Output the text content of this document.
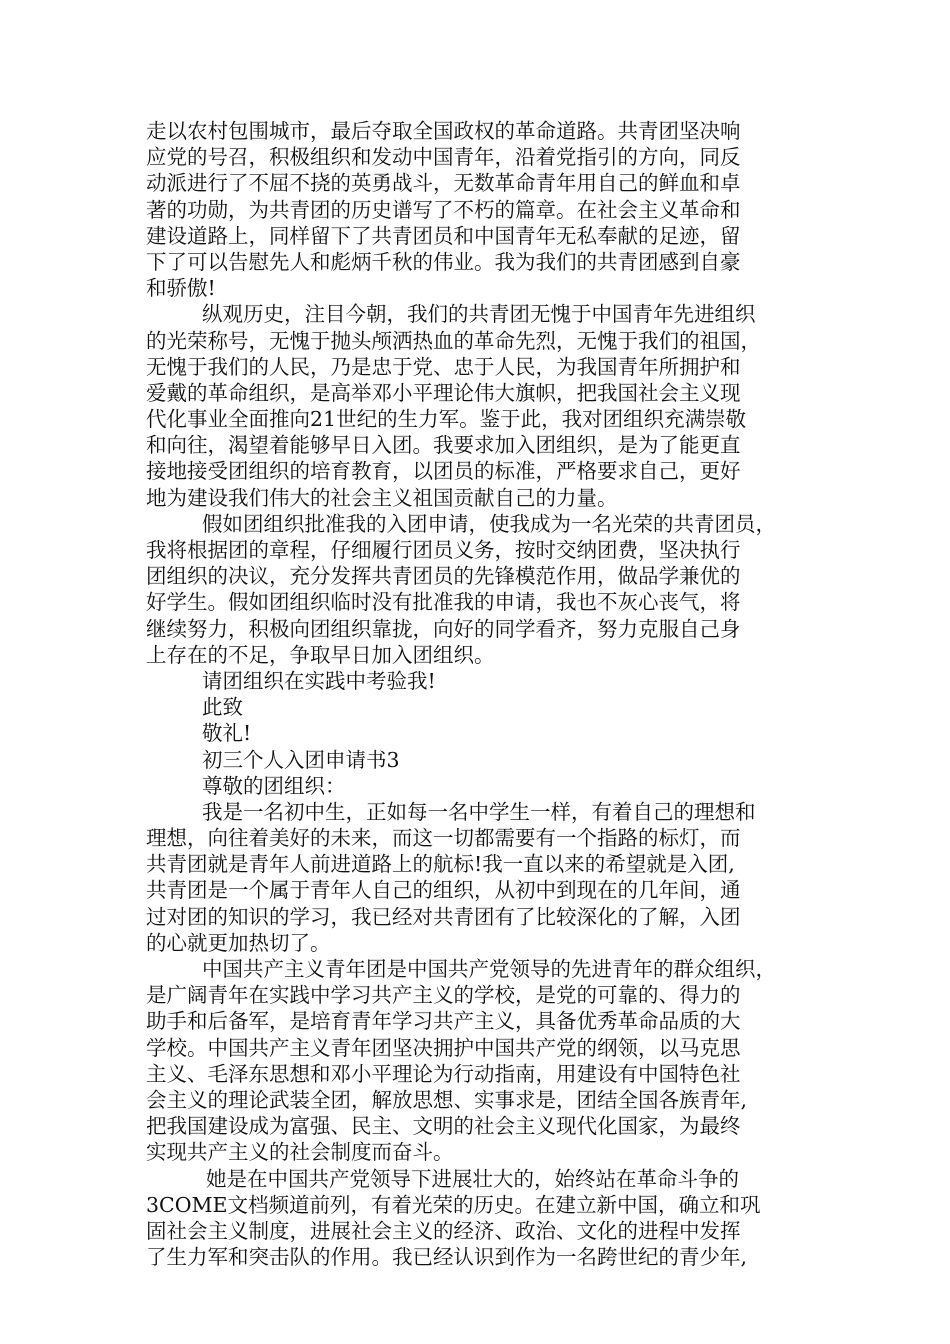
走以农村包围城市，最后夺取全国政权的革命道路。共青团坚决响
应党的号召，积极组织和发动中国青年，沿着党指引的方向，同反
动派进行了不屈不挠的英勇战斗，无数革命青年用自己的鲜血和卓
著的功勋，为共青团的历史谱写了不朽的篇章。在社会主义革命和
建设道路上，同样留下了共青团员和中国青年无私奉献的足迹，留
下了可以告慰先人和彪炳千秋的伟业。我为我们的共青团感到自豪
和骄傲!
纵观历史，注目今朝，我们的共青团无愧于中国青年先进组织
的光荣称号，无愧于抛头颅洒热血的革命先烈，无愧于我们的祖国，
无愧于我们的人民，乃是忠于党、忠于人民，为我国青年所拥护和
爱戴的革命组织，是高举邓小平理论伟大旗帜，把我国社会主义现
代化事业全面推向21世纪的生力军。鉴于此，我对团组织充满崇敬
和向往，渴望着能够早日入团。我要求加入团组织，是为了能更直
接地接受团组织的培育教育，以团员的标准，严格要求自己，更好
地为建设我们伟大的社会主义祖国贡献自己的力量。
假如团组织批准我的入团申请，使我成为一名光荣的共青团员，
我将根据团的章程，仔细履行团员义务，按时交纳团费，坚决执行
团组织的决议，充分发挥共青团员的先锋模范作用，做品学兼优的
好学生。假如团组织临时没有批准我的申请，我也不灰心丧气，将
继续努力，积极向团组织靠拢，向好的同学看齐，努力克服自己身
上存在的不足，争取早日加入团组织。
请团组织在实践中考验我!
此致
敬礼!
初三个人入团申请书3
尊敬的团组织：
我是一名初中生，正如每一名中学生一样，有着自己的理想和
理想，向往着美好的未来，而这一切都需要有一个指路的标灯，而
共青团就是青年人前进道路上的航标!我一直以来的希望就是入团,
共青团是一个属于青年人自己的组织，从初中到现在的几年间，通
过对团的知识的学习，我已经对共青团有了比较深化的了解，入团
的心就更加热切了。
中国共产主义青年团是中国共产党领导的先进青年的群众组织，
是广阔青年在实践中学习共产主义的学校，是党的可靠的、得力的
助手和后备军，是培育青年学习共产主义，具备优秀革命品质的大
学校。中国共产主义青年团坚决拥护中国共产党的纲领，以马克思
主义、毛泽东思想和邓小平理论为行动指南，用建设有中国特色社
会主义的理论武装全团，解放思想、实事求是，团结全国各族青年,
把我国建设成为富强、民主、文明的社会主义现代化国家，为最终
实现共产主义的社会制度而奋斗。
她是在中国共产党领导下进展壮大的，始终站在革命斗争的
3COME文档频道前列，有着光荣的历史。在建立新中国，确立和巩
固社会主义制度，进展社会主义的经济、政治、文化的进程中发挥
了生力军和突击队的作用。我已经认识到作为一名跨世纪的青少年,
